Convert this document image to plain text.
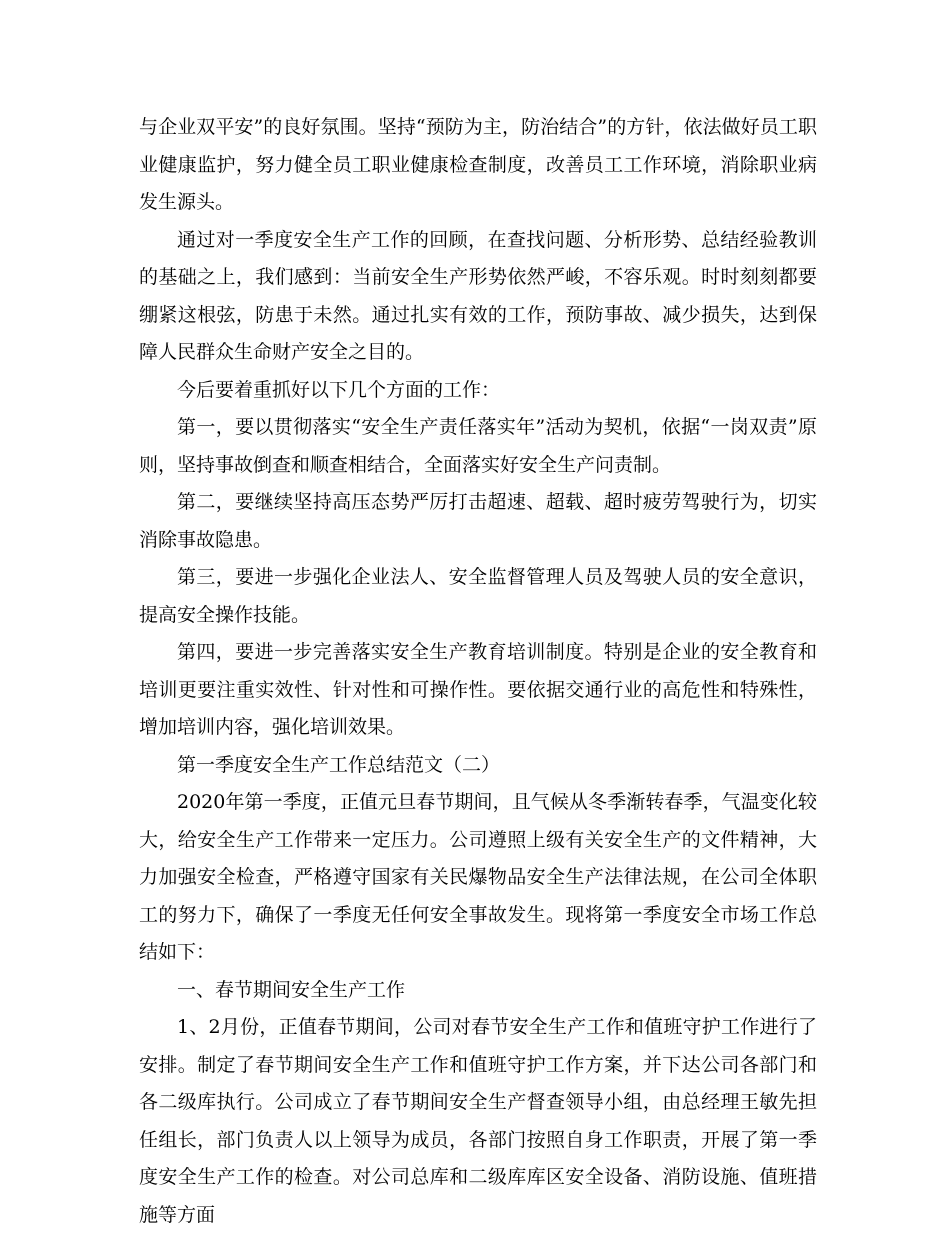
与企业双平安”的良好氛围。坚持“预防为主，防治结合”的方针，依法做好员工职业健康监护，努力健全员工职业健康检查制度，改善员工工作环境，消除职业病发生源头。

通过对一季度安全生产工作的回顾，在查找问题、分析形势、总结经验教训的基础之上，我们感到：当前安全生产形势依然严峻，不容乐观。时时刻刻都要绷紧这根弦，防患于未然。通过扎实有效的工作，预防事故、减少损失，达到保障人民群众生命财产安全之目的。

今后要着重抓好以下几个方面的工作：

第一，要以贯彻落实“安全生产责任落实年”活动为契机，依据“一岗双责”原则，坚持事故倒查和顺查相结合，全面落实好安全生产问责制。

第二，要继续坚持高压态势严厉打击超速、超载、超时疲劳驾驶行为，切实消除事故隐患。

第三，要进一步强化企业法人、安全监督管理人员及驾驶人员的安全意识，提高安全操作技能。

第四，要进一步完善落实安全生产教育培训制度。特别是企业的安全教育和培训更要注重实效性、针对性和可操作性。要依据交通行业的高危性和特殊性，增加培训内容，强化培训效果。

第一季度安全生产工作总结范文（二）

2020年第一季度，正值元旦春节期间，且气候从冬季渐转春季，气温变化较大，给安全生产工作带来一定压力。公司遵照上级有关安全生产的文件精神，大力加强安全检查，严格遵守国家有关民爆物品安全生产法律法规，在公司全体职工的努力下，确保了一季度无任何安全事故发生。现将第一季度安全市场工作总结如下：

一、春节期间安全生产工作

1、2月份，正值春节期间，公司对春节安全生产工作和值班守护工作进行了安排。制定了春节期间安全生产工作和值班守护工作方案，并下达公司各部门和各二级库执行。公司成立了春节期间安全生产督查领导小组，由总经理王敏先担任组长，部门负责人以上领导为成员，各部门按照自身工作职责，开展了第一季度安全生产工作的检查。对公司总库和二级库库区安全设备、消防设施、值班措施等方面
